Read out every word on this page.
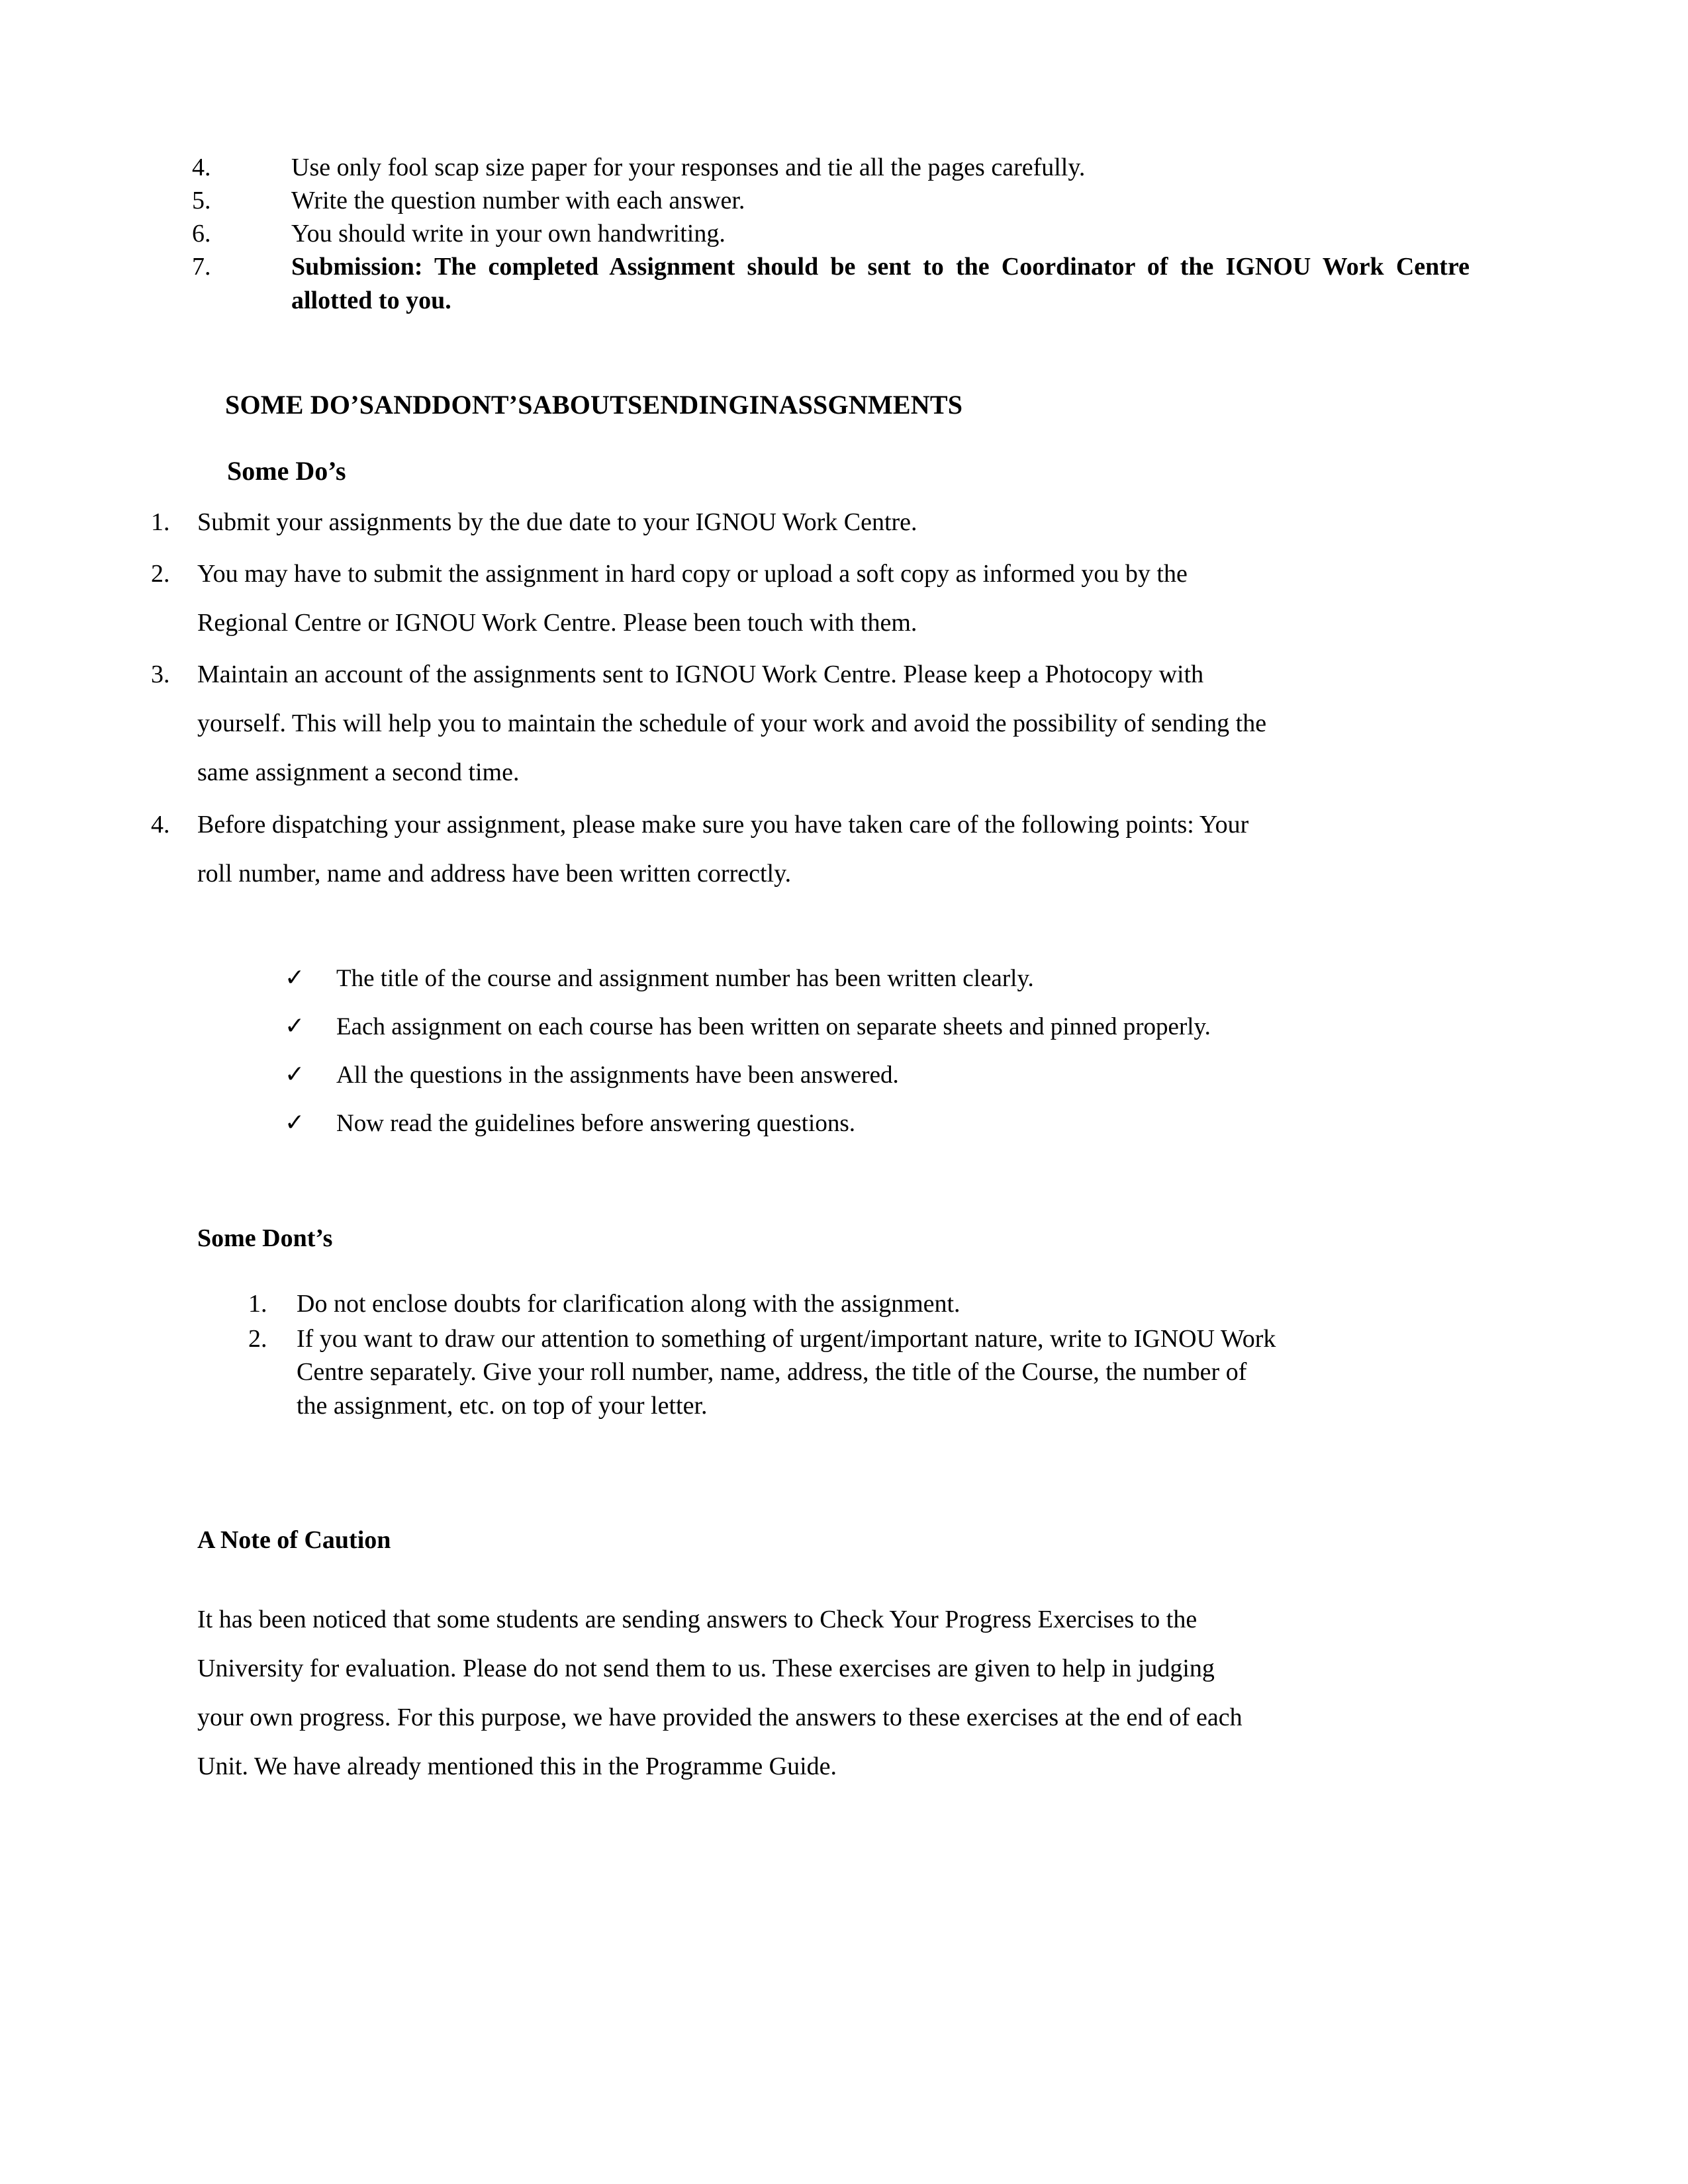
4.	Use only fool scap size paper for your responses and tie all the pages carefully.
5.	Write the question number with each answer.
6.	You should write in your own handwriting.
7.	Submission: The completed Assignment should be sent to the Coordinator of the IGNOU Work Centre allotted to you.
SOME DO’SANDDONT’SABOUTSENDINGINASSGNMENTS
Some Do’s
1.	Submit your assignments by the due date to your IGNOU Work Centre.
2.	You may have to submit the assignment in hard copy or upload a soft copy as informed you by the
Regional Centre or IGNOU Work Centre. Please been touch with them.
3.	Maintain an account of the assignments sent to IGNOU Work Centre. Please keep a Photocopy with
yourself. This will help you to maintain the schedule of your work and avoid the possibility of sending the
same assignment a second time.
4.	Before dispatching your assignment, please make sure you have taken care of the following points: Your
roll number, name and address have been written correctly.
✓	The title of the course and assignment number has been written clearly.
✓	Each assignment on each course has been written on separate sheets and pinned properly.
✓	All the questions in the assignments have been answered.
✓	Now read the guidelines before answering questions.
Some Dont’s
1.	Do not enclose doubts for clarification along with the assignment.
2.	If you want to draw our attention to something of urgent/important nature, write to IGNOU Work
Centre separately. Give your roll number, name, address, the title of the Course, the number of
the assignment, etc. on top of your letter.
A Note of Caution
It has been noticed that some students are sending answers to Check Your Progress Exercises to the
University for evaluation. Please do not send them to us. These exercises are given to help in judging
your own progress. For this purpose, we have provided the answers to these exercises at the end of each
Unit. We have already mentioned this in the Programme Guide.
